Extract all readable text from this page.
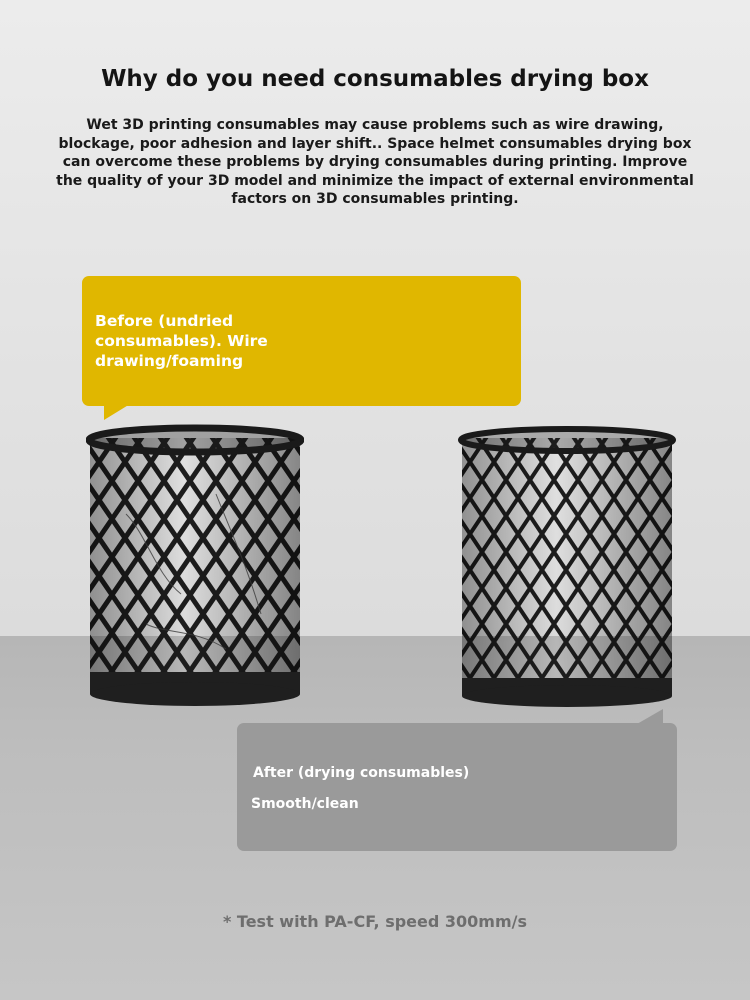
Why do you need consumables drying box

Wet 3D printing consumables may cause problems such as wire drawing, blockage, poor adhesion and layer shift.. Space helmet consumables drying box can overcome these problems by drying consumables during printing. Improve the quality of your 3D model and minimize the impact of external environmental factors on 3D consumables printing.

Before (undried consumables). Wire drawing/foaming
After (drying consumables)
Smooth/clean

* Test with PA-CF, speed 300mm/s
